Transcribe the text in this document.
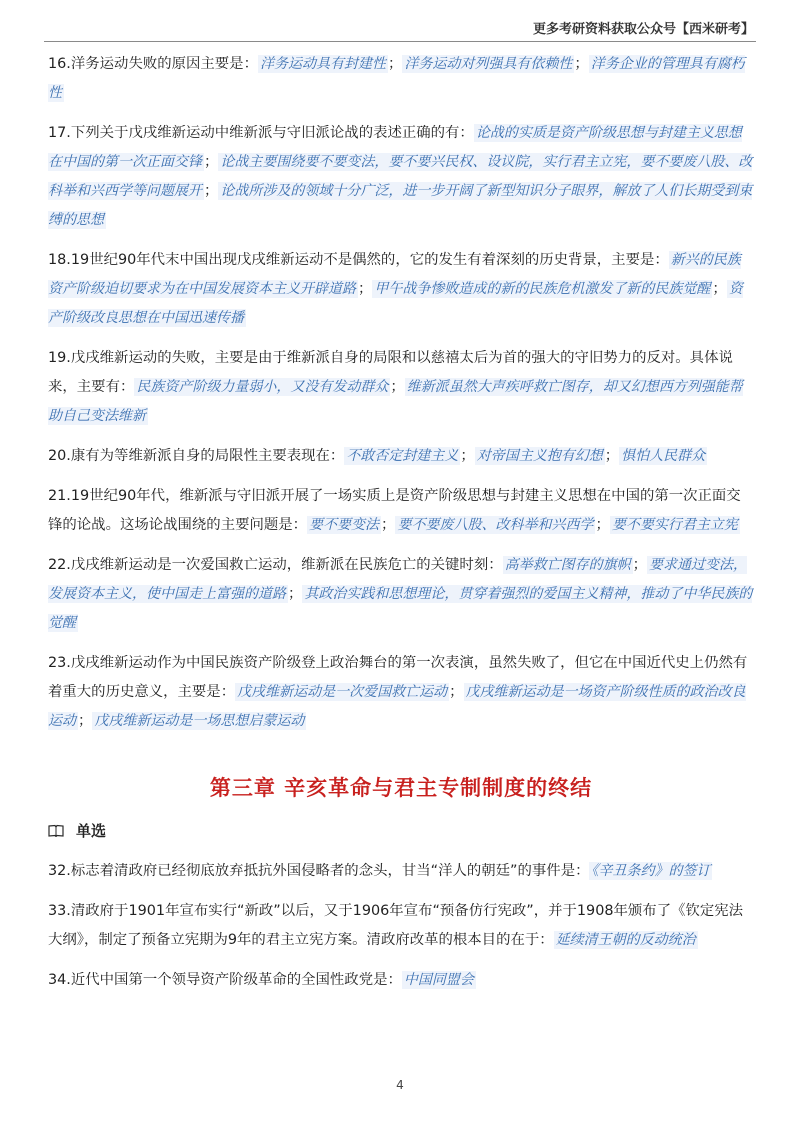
更多考研资料获取公众号【西米研考】

16.洋务运动失败的原因主要是： 洋务运动具有封建性 ； 洋务运动对列强具有依赖性 ； 洋务企业的管理具有腐朽性

17.下列关于戊戌维新运动中维新派与守旧派论战的表述正确的有： 论战的实质是资产阶级思想与封建主义思想在中国的第一次正面交锋 ； 论战主要围绕要不要变法，要不要兴民权、设议院，实行君主立宪，要不要废八股、改科举和兴西学等问题展开 ； 论战所涉及的领域十分广泛，进一步开阔了新型知识分子眼界，解放了人们长期受到束缚的思想

18.19世纪90年代末中国出现戊戌维新运动不是偶然的，它的发生有着深刻的历史背景，主要是： 新兴的民族资产阶级迫切要求为在中国发展资本主义开辟道路 ； 甲午战争惨败造成的新的民族危机激发了新的民族觉醒 ； 资产阶级改良思想在中国迅速传播

19.戊戌维新运动的失败，主要是由于维新派自身的局限和以慈禧太后为首的强大的守旧势力的反对。具体说来，主要有： 民族资产阶级力量弱小，又没有发动群众 ； 维新派虽然大声疾呼救亡图存，却又幻想西方列强能帮助自己变法维新

20.康有为等维新派自身的局限性主要表现在： 不敢否定封建主义 ； 对帝国主义抱有幻想 ； 惧怕人民群众

21.19世纪90年代，维新派与守旧派开展了一场实质上是资产阶级思想与封建主义思想在中国的第一次正面交锋的论战。这场论战围绕的主要问题是： 要不要变法 ； 要不要废八股、改科举和兴西学 ； 要不要实行君主立宪

22.戊戌维新运动是一次爱国救亡运动，维新派在民族危亡的关键时刻： 高举救亡图存的旗帜 ； 要求通过变法，发展资本主义，使中国走上富强的道路 ； 其政治实践和思想理论，贯穿着强烈的爱国主义精神，推动了中华民族的觉醒

23.戊戌维新运动作为中国民族资产阶级登上政治舞台的第一次表演，虽然失败了，但它在中国近代史上仍然有着重大的历史意义，主要是： 戊戌维新运动是一次爱国救亡运动 ； 戊戌维新运动是一场资产阶级性质的政治改良运动 ； 戊戌维新运动是一场思想启蒙运动

第三章 辛亥革命与君主专制制度的终结
单选

32.标志着清政府已经彻底放弃抵抗外国侵略者的念头，甘当“洋人的朝廷”的事件是： 《辛丑条约》的签订

33.清政府于1901年宣布实行“新政”以后，又于1906年宣布“预备仿行宪政”，并于1908年颁布了《钦定宪法大纲》，制定了预备立宪期为9年的君主立宪方案。清政府改革的根本目的在于： 延续清王朝的反动统治

34.近代中国第一个领导资产阶级革命的全国性政党是： 中国同盟会

4
